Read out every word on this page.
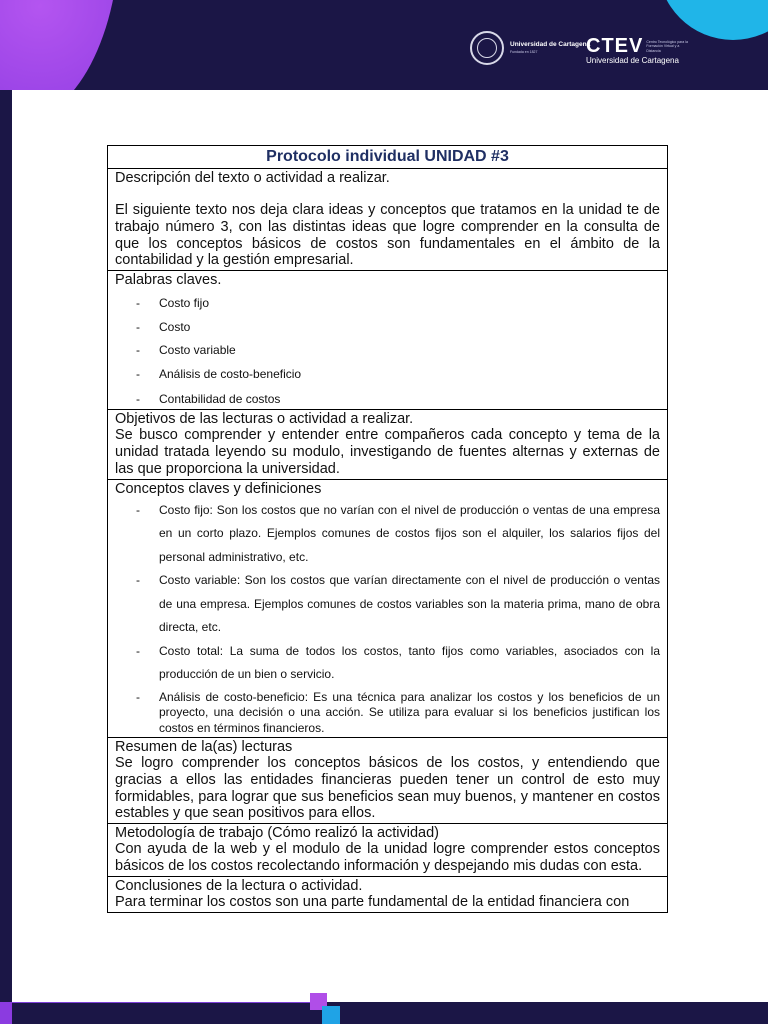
Universidad de Cartagena
Fundada en 1827	CTEV Centro Tecnológico para la Formación Virtual y a Distancia
Universidad de Cartagena
Protocolo individual UNIDAD #3

Descripción del texto o actividad a realizar.

El siguiente texto nos deja clara ideas y conceptos que tratamos en la unidad te de trabajo número 3, con las distintas ideas que logre comprender en la consulta de que los conceptos básicos de costos son fundamentales en el ámbito de la contabilidad y la gestión empresarial.

Palabras claves.
- Costo fijo
- Costo
- Costo variable
- Análisis de costo-beneficio
- Contabilidad de costos

Objetivos de las lecturas o actividad a realizar.

Se busco comprender y entender entre compañeros cada concepto y tema de la unidad tratada leyendo su modulo, investigando de fuentes alternas y externas de las que proporciona la universidad.

Conceptos claves y definiciones
- Costo fijo: Son los costos que no varían con el nivel de producción o ventas de una empresa en un corto plazo. Ejemplos comunes de costos fijos son el alquiler, los salarios fijos del personal administrativo, etc.
- Costo variable: Son los costos que varían directamente con el nivel de producción o ventas de una empresa. Ejemplos comunes de costos variables son la materia prima, mano de obra directa, etc.
- Costo total: La suma de todos los costos, tanto fijos como variables, asociados con la producción de un bien o servicio.
- Análisis de costo-beneficio: Es una técnica para analizar los costos y los beneficios de un proyecto, una decisión o una acción. Se utiliza para evaluar si los beneficios justifican los costos en términos financieros.

Resumen de la(as) lecturas

Se logro comprender los conceptos básicos de los costos, y entendiendo que gracias a ellos las entidades financieras pueden tener un control de esto muy formidables, para lograr que sus beneficios sean muy buenos, y mantener en costos estables y que sean positivos para ellos.

Metodología de trabajo (Cómo realizó la actividad)

Con ayuda de la web y el modulo de la unidad logre comprender estos conceptos básicos de los costos recolectando información y despejando mis dudas con esta.

Conclusiones de la lectura o actividad.

Para terminar los costos son una parte fundamental de la entidad financiera con
